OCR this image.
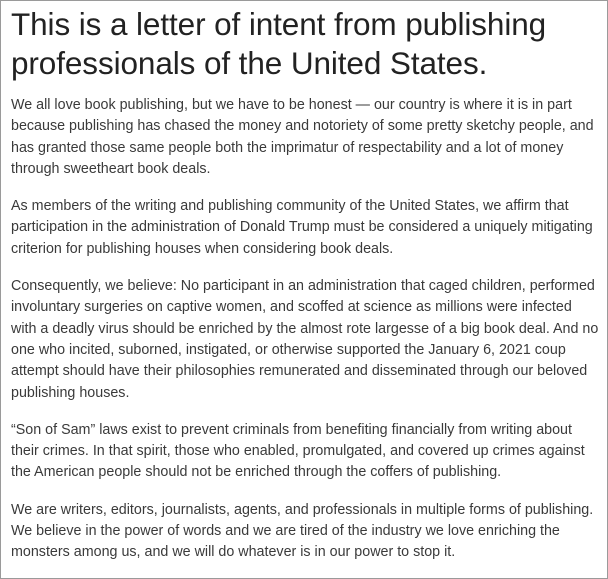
This is a letter of intent from publishing professionals of the United States.

We all love book publishing, but we have to be honest — our country is where it is in part because publishing has chased the money and notoriety of some pretty sketchy people, and has granted those same people both the imprimatur of respectability and a lot of money through sweetheart book deals.

As members of the writing and publishing community of the United States, we affirm that participation in the administration of Donald Trump must be considered a uniquely mitigating criterion for publishing houses when considering book deals.

Consequently, we believe: No participant in an administration that caged children, performed involuntary surgeries on captive women, and scoffed at science as millions were infected with a deadly virus should be enriched by the almost rote largesse of a big book deal. And no one who incited, suborned, instigated, or otherwise supported the January 6, 2021 coup attempt should have their philosophies remunerated and disseminated through our beloved publishing houses.

“Son of Sam” laws exist to prevent criminals from benefiting financially from writing about their crimes. In that spirit, those who enabled, promulgated, and covered up crimes against the American people should not be enriched through the coffers of publishing.

We are writers, editors, journalists, agents, and professionals in multiple forms of publishing. We believe in the power of words and we are tired of the industry we love enriching the monsters among us, and we will do whatever is in our power to stop it.
